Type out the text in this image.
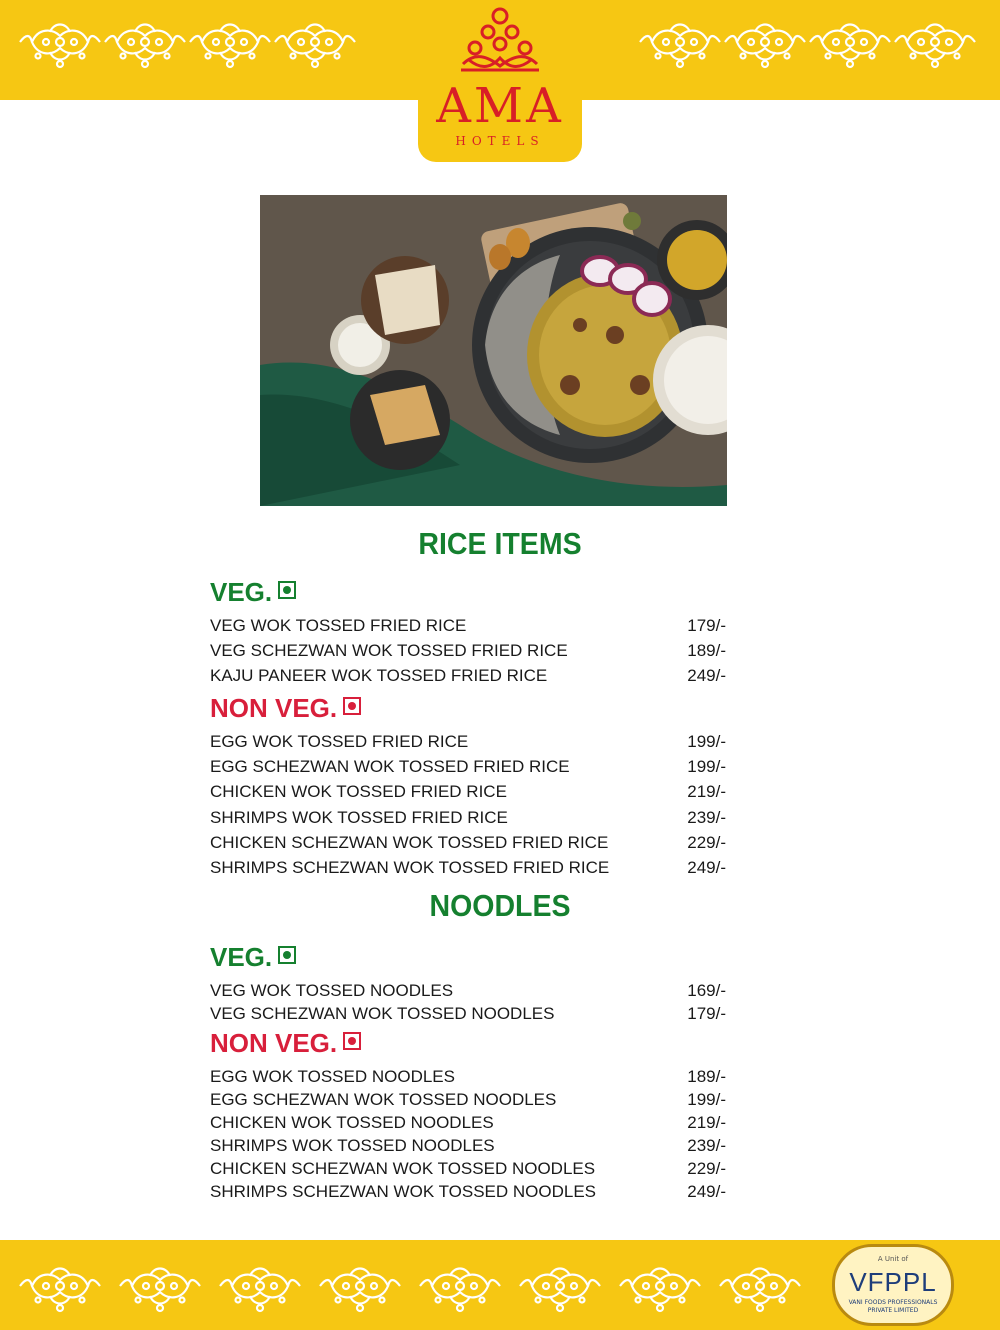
AMA
HOTELS
RICE ITEMS
VEG.
VEG WOK TOSSED FRIED RICE	179/-
VEG SCHEZWAN WOK TOSSED FRIED RICE	189/-
KAJU PANEER WOK TOSSED FRIED RICE	249/-
NON VEG.
EGG WOK TOSSED FRIED RICE	199/-
EGG SCHEZWAN WOK TOSSED FRIED RICE	199/-
CHICKEN WOK TOSSED FRIED RICE	219/-
SHRIMPS WOK TOSSED FRIED RICE	239/-
CHICKEN SCHEZWAN WOK TOSSED FRIED RICE	229/-
SHRIMPS SCHEZWAN WOK TOSSED FRIED RICE	249/-
NOODLES
VEG.
VEG WOK TOSSED NOODLES	169/-
VEG SCHEZWAN WOK TOSSED NOODLES	179/-
NON VEG.
EGG WOK TOSSED NOODLES	189/-
EGG SCHEZWAN WOK TOSSED NOODLES	199/-
CHICKEN WOK TOSSED NOODLES	219/-
SHRIMPS WOK TOSSED NOODLES	239/-
CHICKEN SCHEZWAN WOK TOSSED NOODLES	229/-
SHRIMPS SCHEZWAN WOK TOSSED NOODLES	249/-
A Unit of
VFPPL
VANI FOODS PROFESSIONALS
PRIVATE LIMITED
